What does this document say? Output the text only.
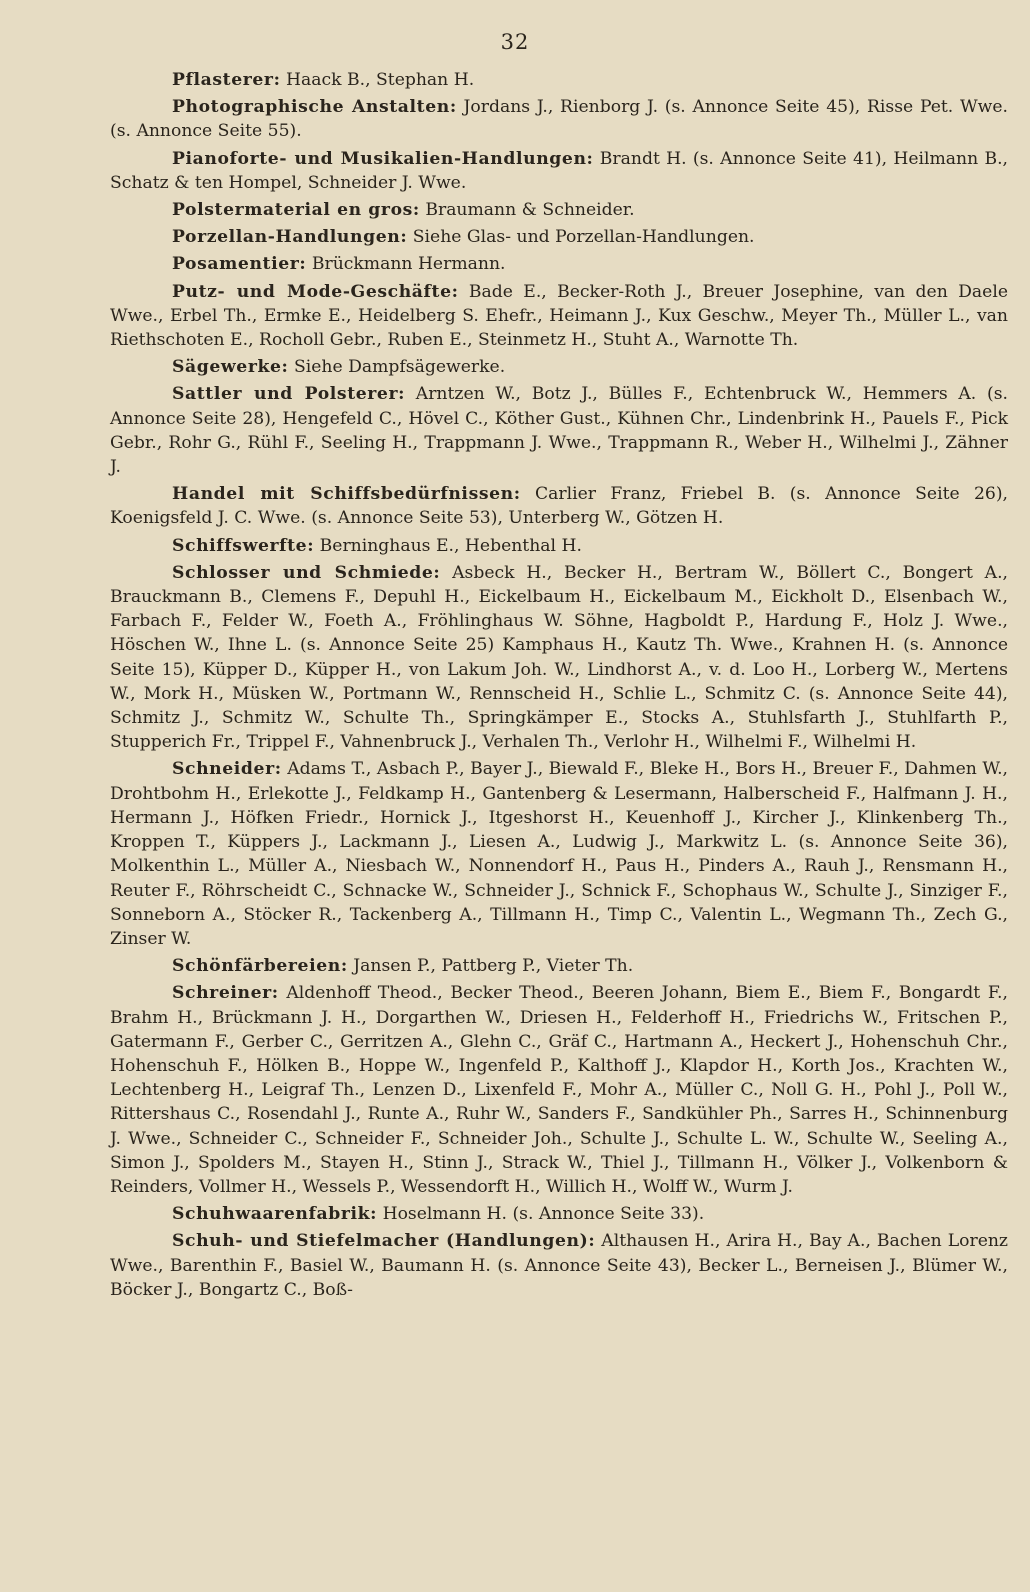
32

Pflasterer: Haack B., Stephan H.

Photographische Anstalten: Jordans J., Rienborg J. (s. Annonce Seite 45), Risse Pet. Wwe. (s. Annonce Seite 55).

Pianoforte- und Musikalien-Handlungen: Brandt H. (s. Annonce Seite 41), Heilmann B., Schatz & ten Hompel, Schneider J. Wwe.

Polstermaterial en gros: Braumann & Schneider.

Porzellan-Handlungen: Siehe Glas- und Porzellan-Handlungen.

Posamentier: Brückmann Hermann.

Putz- und Mode-Geschäfte: Bade E., Becker-Roth J., Breuer Josephine, van den Daele Wwe., Erbel Th., Ermke E., Heidelberg S. Ehefr., Heimann J., Kux Geschw., Meyer Th., Müller L., van Riethschoten E., Rocholl Gebr., Ruben E., Steinmetz H., Stuht A., Warnotte Th.

Sägewerke: Siehe Dampfsägewerke.

Sattler und Polsterer: Arntzen W., Botz J., Bülles F., Echtenbruck W., Hemmers A. (s. Annonce Seite 28), Hengefeld C., Hövel C., Köther Gust., Kühnen Chr., Lindenbrink H., Pauels F., Pick Gebr., Rohr G., Rühl F., Seeling H., Trappmann J. Wwe., Trappmann R., Weber H., Wilhelmi J., Zähner J.

Handel mit Schiffsbedürfnissen: Carlier Franz, Friebel B. (s. Annonce Seite 26), Koenigsfeld J. C. Wwe. (s. Annonce Seite 53), Unterberg W., Götzen H.

Schiffswerfte: Berninghaus E., Hebenthal H.

Schlosser und Schmiede: Asbeck H., Becker H., Bertram W., Böllert C., Bongert A., Brauckmann B., Clemens F., Depuhl H., Eickelbaum H., Eickelbaum M., Eickholt D., Elsenbach W., Farbach F., Felder W., Foeth A., Fröhlinghaus W. Söhne, Hagboldt P., Hardung F., Holz J. Wwe., Höschen W., Ihne L. (s. Annonce Seite 25) Kamphaus H., Kautz Th. Wwe., Krahnen H. (s. Annonce Seite 15), Küpper D., Küpper H., von Lakum Joh. W., Lindhorst A., v. d. Loo H., Lorberg W., Mertens W., Mork H., Müsken W., Portmann W., Rennscheid H., Schlie L., Schmitz C. (s. Annonce Seite 44), Schmitz J., Schmitz W., Schulte Th., Springkämper E., Stocks A., Stuhlsfarth J., Stuhlfarth P., Stupperich Fr., Trippel F., Vahnenbruck J., Verhalen Th., Verlohr H., Wilhelmi F., Wilhelmi H.

Schneider: Adams T., Asbach P., Bayer J., Biewald F., Bleke H., Bors H., Breuer F., Dahmen W., Drohtbohm H., Erlekotte J., Feldkamp H., Gantenberg & Lesermann, Halberscheid F., Halfmann J. H., Hermann J., Höfken Friedr., Hornick J., Itgeshorst H., Keuenhoff J., Kircher J., Klinkenberg Th., Kroppen T., Küppers J., Lackmann J., Liesen A., Ludwig J., Markwitz L. (s. Annonce Seite 36), Molkenthin L., Müller A., Niesbach W., Nonnendorf H., Paus H., Pinders A., Rauh J., Rensmann H., Reuter F., Röhrscheidt C., Schnacke W., Schneider J., Schnick F., Schophaus W., Schulte J., Sinziger F., Sonneborn A., Stöcker R., Tackenberg A., Tillmann H., Timp C., Valentin L., Wegmann Th., Zech G., Zinser W.

Schönfärbereien: Jansen P., Pattberg P., Vieter Th.

Schreiner: Aldenhoff Theod., Becker Theod., Beeren Johann, Biem E., Biem F., Bongardt F., Brahm H., Brückmann J. H., Dorgarthen W., Driesen H., Felderhoff H., Friedrichs W., Fritschen P., Gatermann F., Gerber C., Gerritzen A., Glehn C., Gräf C., Hartmann A., Heckert J., Hohenschuh Chr., Hohenschuh F., Hölken B., Hoppe W., Ingenfeld P., Kalthoff J., Klapdor H., Korth Jos., Krachten W., Lechtenberg H., Leigraf Th., Lenzen D., Lixenfeld F., Mohr A., Müller C., Noll G. H., Pohl J., Poll W., Rittershaus C., Rosendahl J., Runte A., Ruhr W., Sanders F., Sandkühler Ph., Sarres H., Schinnenburg J. Wwe., Schneider C., Schneider F., Schneider Joh., Schulte J., Schulte L. W., Schulte W., Seeling A., Simon J., Spolders M., Stayen H., Stinn J., Strack W., Thiel J., Tillmann H., Völker J., Volkenborn & Reinders, Vollmer H., Wessels P., Wessendorft H., Willich H., Wolff W., Wurm J.

Schuhwaarenfabrik: Hoselmann H. (s. Annonce Seite 33).

Schuh- und Stiefelmacher (Handlungen): Althausen H., Arira H., Bay A., Bachen Lorenz Wwe., Barenthin F., Basiel W., Baumann H. (s. Annonce Seite 43), Becker L., Berneisen J., Blümer W., Böcker J., Bongartz C., Boß-
